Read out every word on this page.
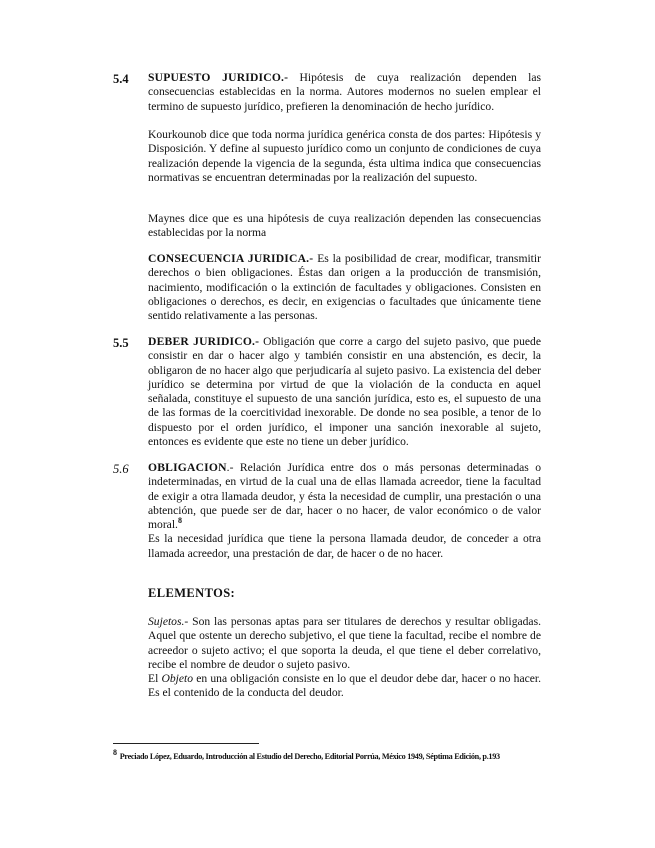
5.4 SUPUESTO JURIDICO.- Hipótesis de cuya realización dependen las consecuencias establecidas en la norma. Autores modernos no suelen emplear el termino de supuesto jurídico, prefieren la denominación de hecho jurídico.

Kourkounob dice que toda norma jurídica genérica consta de dos partes: Hipótesis y Disposición. Y define al supuesto jurídico como un conjunto de condiciones de cuya realización depende la vigencia de la segunda, ésta ultima indica que consecuencias normativas se encuentran determinadas por la realización del supuesto.

Maynes dice que es una hipótesis de cuya realización dependen las consecuencias establecidas por la norma

CONSECUENCIA JURIDICA.- Es la posibilidad de crear, modificar, transmitir derechos o bien obligaciones. Éstas dan origen a la producción de transmisión, nacimiento, modificación o la extinción de facultades y obligaciones. Consisten en obligaciones o derechos, es decir, en exigencias o facultades que únicamente tiene sentido relativamente a las personas.

5.5 DEBER JURIDICO.- Obligación que corre a cargo del sujeto pasivo, que puede consistir en dar o hacer algo y también consistir en una abstención, es decir, la obligaron de no hacer algo que perjudicaría al sujeto pasivo. La existencia del deber jurídico se determina por virtud de que la violación de la conducta en aquel señalada, constituye el supuesto de una sanción jurídica, esto es, el supuesto de una de las formas de la coercitividad inexorable. De donde no sea posible, a tenor de lo dispuesto por el orden jurídico, el imponer una sanción inexorable al sujeto, entonces es evidente que este no tiene un deber jurídico.

5.6 OBLIGACION.- Relación Jurídica entre dos o más personas determinadas o indeterminadas, en virtud de la cual una de ellas llamada acreedor, tiene la facultad de exigir a otra llamada deudor, y ésta la necesidad de cumplir, una prestación o una abtención, que puede ser de dar, hacer o no hacer, de valor económico o de valor moral.$^8$
Es la necesidad jurídica que tiene la persona llamada deudor, de conceder a otra llamada acreedor, una prestación de dar, de hacer o de no hacer.

ELEMENTOS:

Sujetos.- Son las personas aptas para ser titulares de derechos y resultar obligadas. Aquel que ostente un derecho subjetivo, el que tiene la facultad, recibe el nombre de acreedor o sujeto activo; el que soporta la deuda, el que tiene el deber correlativo, recibe el nombre de deudor o sujeto pasivo.
El Objeto en una obligación consiste en lo que el deudor debe dar, hacer o no hacer. Es el contenido de la conducta del deudor.

8 Preciado López, Eduardo, Introducción al Estudio del Derecho, Editorial Porrúa, México 1949, Séptima Edición, p.193
